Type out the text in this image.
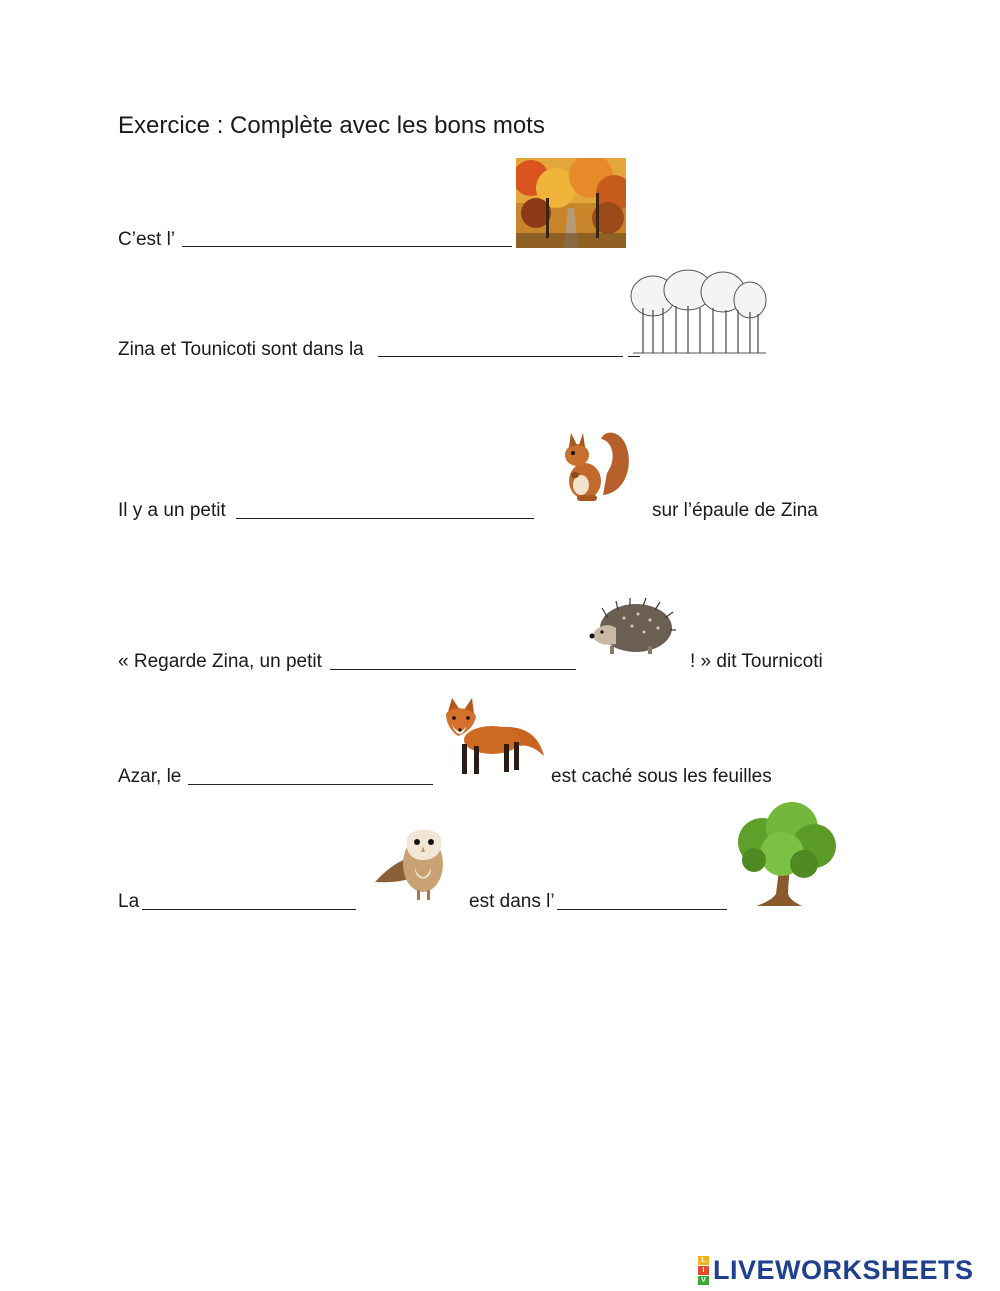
Exercice : Complète avec les bons mots
C’est l’
Zina et Tounicoti sont dans la
Il y a un petit	sur l’épaule de Zina
« Regarde Zina, un petit	! » dit Tournicoti
Azar, le	est caché sous les feuilles
La	est dans l’
L
I
V LIVEWORKSHEETS
